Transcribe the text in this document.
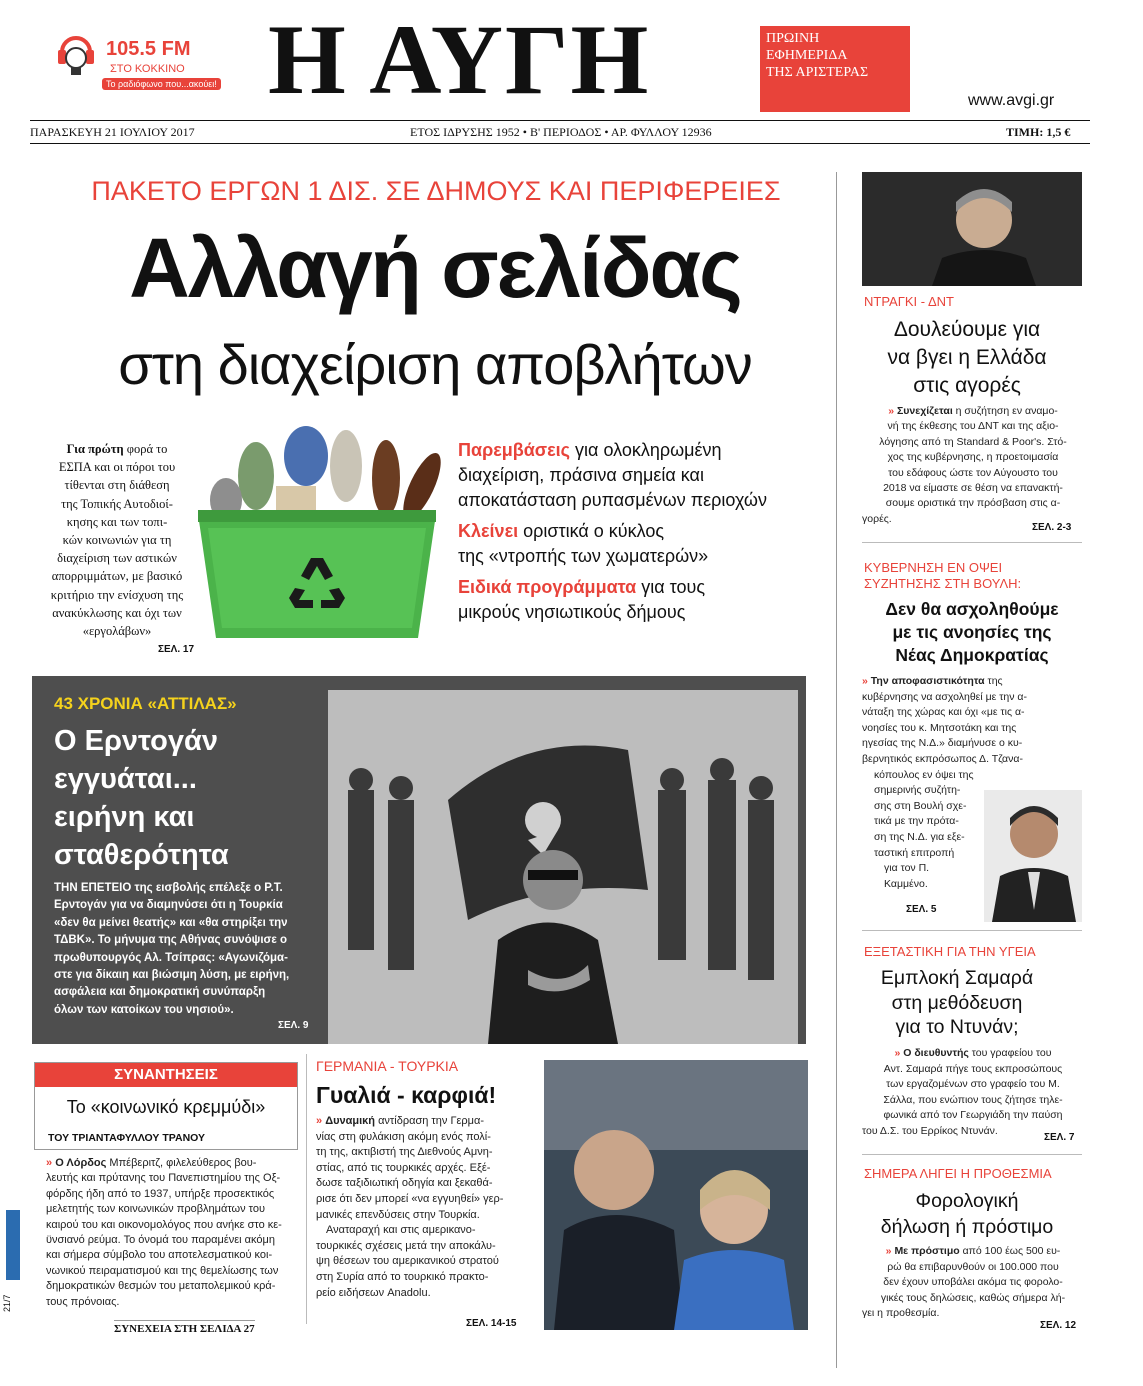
105.5 FM
ΣΤΟ ΚΟΚΚΙΝΟ
Το ραδιόφωνο που...ακούει! Η ΑΥΓΗ	ΠΡΩΙΝΗ
ΕΦΗΜΕΡΙΔΑ
ΤΗΣ ΑΡΙΣΤΕΡΑΣ
www.avgi.gr
ΠΑΡΑΣΚΕΥΗ 21 ΙΟΥΛΙΟΥ 2017	ΕΤΟΣ ΙΔΡΥΣΗΣ 1952 • Β' ΠΕΡΙΟΔΟΣ • ΑΡ. ΦΥΛΛΟΥ 12936	ΤΙΜΗ: 1,5 €
ΠΑΚΕΤΟ ΕΡΓΩΝ 1 ΔΙΣ. ΣΕ ΔΗΜΟΥΣ ΚΑΙ ΠΕΡΙΦΕΡΕΙΕΣ
Αλλαγή σελίδας
στη διαχείριση αποβλήτων
Για πρώτη φορά το
ΕΣΠΑ και οι πόροι του
τίθενται στη διάθεση
της Τοπικής Αυτοδιοί-
κησης και των τοπι-
κών κοινωνιών για τη
διαχείριση των αστικών
απορριμμάτων, με βασικό
κριτήριο την ενίσχυση της
ανακύκλωσης και όχι των
«εργολάβων»
ΣΕΛ. 17
Παρεμβάσεις για ολοκληρωμένη
διαχείριση, πράσινα σημεία και
αποκατάσταση ρυπασμένων περιοχών
Κλείνει οριστικά ο κύκλος
της «ντροπής των χωματερών»
Ειδικά προγράμματα για τους
μικρούς νησιωτικούς δήμους
43 ΧΡΟΝΙΑ «ΑΤΤΙΛΑΣ»
Ο Ερντογάν
εγγυάται...
ειρήνη και
σταθερότητα
ΤΗΝ ΕΠΕΤΕΙΟ της εισβολής επέλεξε ο Ρ.Τ.
Ερντογάν για να διαμηνύσει ότι η Τουρκία
«δεν θα μείνει θεατής» και «θα στηρίξει την
ΤΔΒΚ». Το μήνυμα της Αθήνας συνόψισε ο
πρωθυπουργός Αλ. Τσίπρας: «Αγωνιζόμα-
στε για δίκαιη και βιώσιμη λύση, με ειρήνη,
ασφάλεια και δημοκρατική συνύπαρξη
όλων των κατοίκων του νησιού».
ΣΕΛ. 9
ΣΥΝΑΝΤΗΣΕΙΣ
Το «κοινωνικό κρεμμύδι»
ΤΟΥ ΤΡΙΑΝΤΑΦΥΛΛΟΥ ΤΡΑΝΟΥ
» Ο Λόρδος Μπέβεριτζ, φιλελεύθερος βου-
λευτής και πρύτανης του Πανεπιστημίου της Οξ-
φόρδης ήδη από το 1937, υπήρξε προσεκτικός
μελετητής των κοινωνικών προβλημάτων του
καιρού του και οικονομολόγος που ανήκε στο κε-
ϋνσιανό ρεύμα. Το όνομά του παραμένει ακόμη
και σήμερα σύμβολο του αποτελεσματικού κοι-
νωνικού πειραματισμού και της θεμελίωσης των
δημοκρατικών θεσμών του μεταπολεμικού κρά-
τους πρόνοιας.
ΣΥΝΕΧΕΙΑ ΣΤΗ ΣΕΛΙΔΑ 27
ΓΕΡΜΑΝΙΑ - ΤΟΥΡΚΙΑ
Γυαλιά - καρφιά!
» Δυναμική αντίδραση την Γερμα-
νίας στη φυλάκιση ακόμη ενός πολί-
τη της, ακτιβιστή της Διεθνούς Αμνη-
στίας, από τις τουρκικές αρχές. Εξέ-
δωσε ταξιδιωτική οδηγία και ξεκαθά-
ρισε ότι δεν μπορεί «να εγγυηθεί» γερ-
μανικές επενδύσεις στην Τουρκία.
Αναταραχή και στις αμερικανο-
τουρκικές σχέσεις μετά την αποκάλυ-
ψη θέσεων του αμερικανικού στρατού
στη Συρία από το τουρκικό πρακτο-
ρείο ειδήσεων Anadolu.
ΣΕΛ. 14-15
ΝΤΡΑΓΚΙ - ΔΝΤ
Δουλεύουμε για
να βγει η Ελλάδα
στις αγορές
» Συνεχίζεται η συζήτηση εν αναμο-
νή της έκθεσης του ΔΝΤ και της αξιο-
λόγησης από τη Standard & Poor's. Στό-
χος της κυβέρνησης, η προετοιμασία
του εδάφους ώστε τον Αύγουστο του
2018 να είμαστε σε θέση να επανακτή-
σουμε οριστικά την πρόσβαση στις α-
γορές.
ΣΕΛ. 2-3
ΚΥΒΕΡΝΗΣΗ ΕΝ ΟΨΕΙ
ΣΥΖΗΤΗΣΗΣ ΣΤΗ ΒΟΥΛΗ:
Δεν θα ασχοληθούμε
με τις ανοησίες της
Νέας Δημοκρατίας
» Την αποφασιστικότητα της
κυβέρνησης να ασχοληθεί με την α-
νάταξη της χώρας και όχι «με τις α-
νοησίες του κ. Μητσοτάκη και της
ηγεσίας της Ν.Δ.» διαμήνυσε ο κυ-
βερνητικός εκπρόσωπος Δ. Τζανα-
κόπουλος εν όψει της
σημερινής συζήτη-
σης στη Βουλή σχε-
τικά με την πρότα-
ση της Ν.Δ. για εξε-
ταστική επιτροπή
για τον Π.
Καμμένο.
ΣΕΛ. 5
ΕΞΕΤΑΣΤΙΚΗ ΓΙΑ ΤΗΝ ΥΓΕΙΑ
Εμπλοκή Σαμαρά
στη μεθόδευση
για το Ντυνάν;
» Ο διευθυντής του γραφείου του
Αντ. Σαμαρά πήγε τους εκπροσώπους
των εργαζομένων στο γραφείο του Μ.
Σάλλα, που ενώπιον τους ζήτησε τηλε-
φωνικά από τον Γεωργιάδη την παύση
του Δ.Σ. του Ερρίκος Ντυνάν.
ΣΕΛ. 7
ΣΗΜΕΡΑ ΛΗΓΕΙ Η ΠΡΟΘΕΣΜΙΑ
Φορολογική
δήλωση ή πρόστιμο
» Με πρόστιμο από 100 έως 500 ευ-
ρώ θα επιβαρυνθούν οι 100.000 που
δεν έχουν υποβάλει ακόμα τις φορολο-
γικές τους δηλώσεις, καθώς σήμερα λή-
γει η προθεσμία.
ΣΕΛ. 12
21/7
